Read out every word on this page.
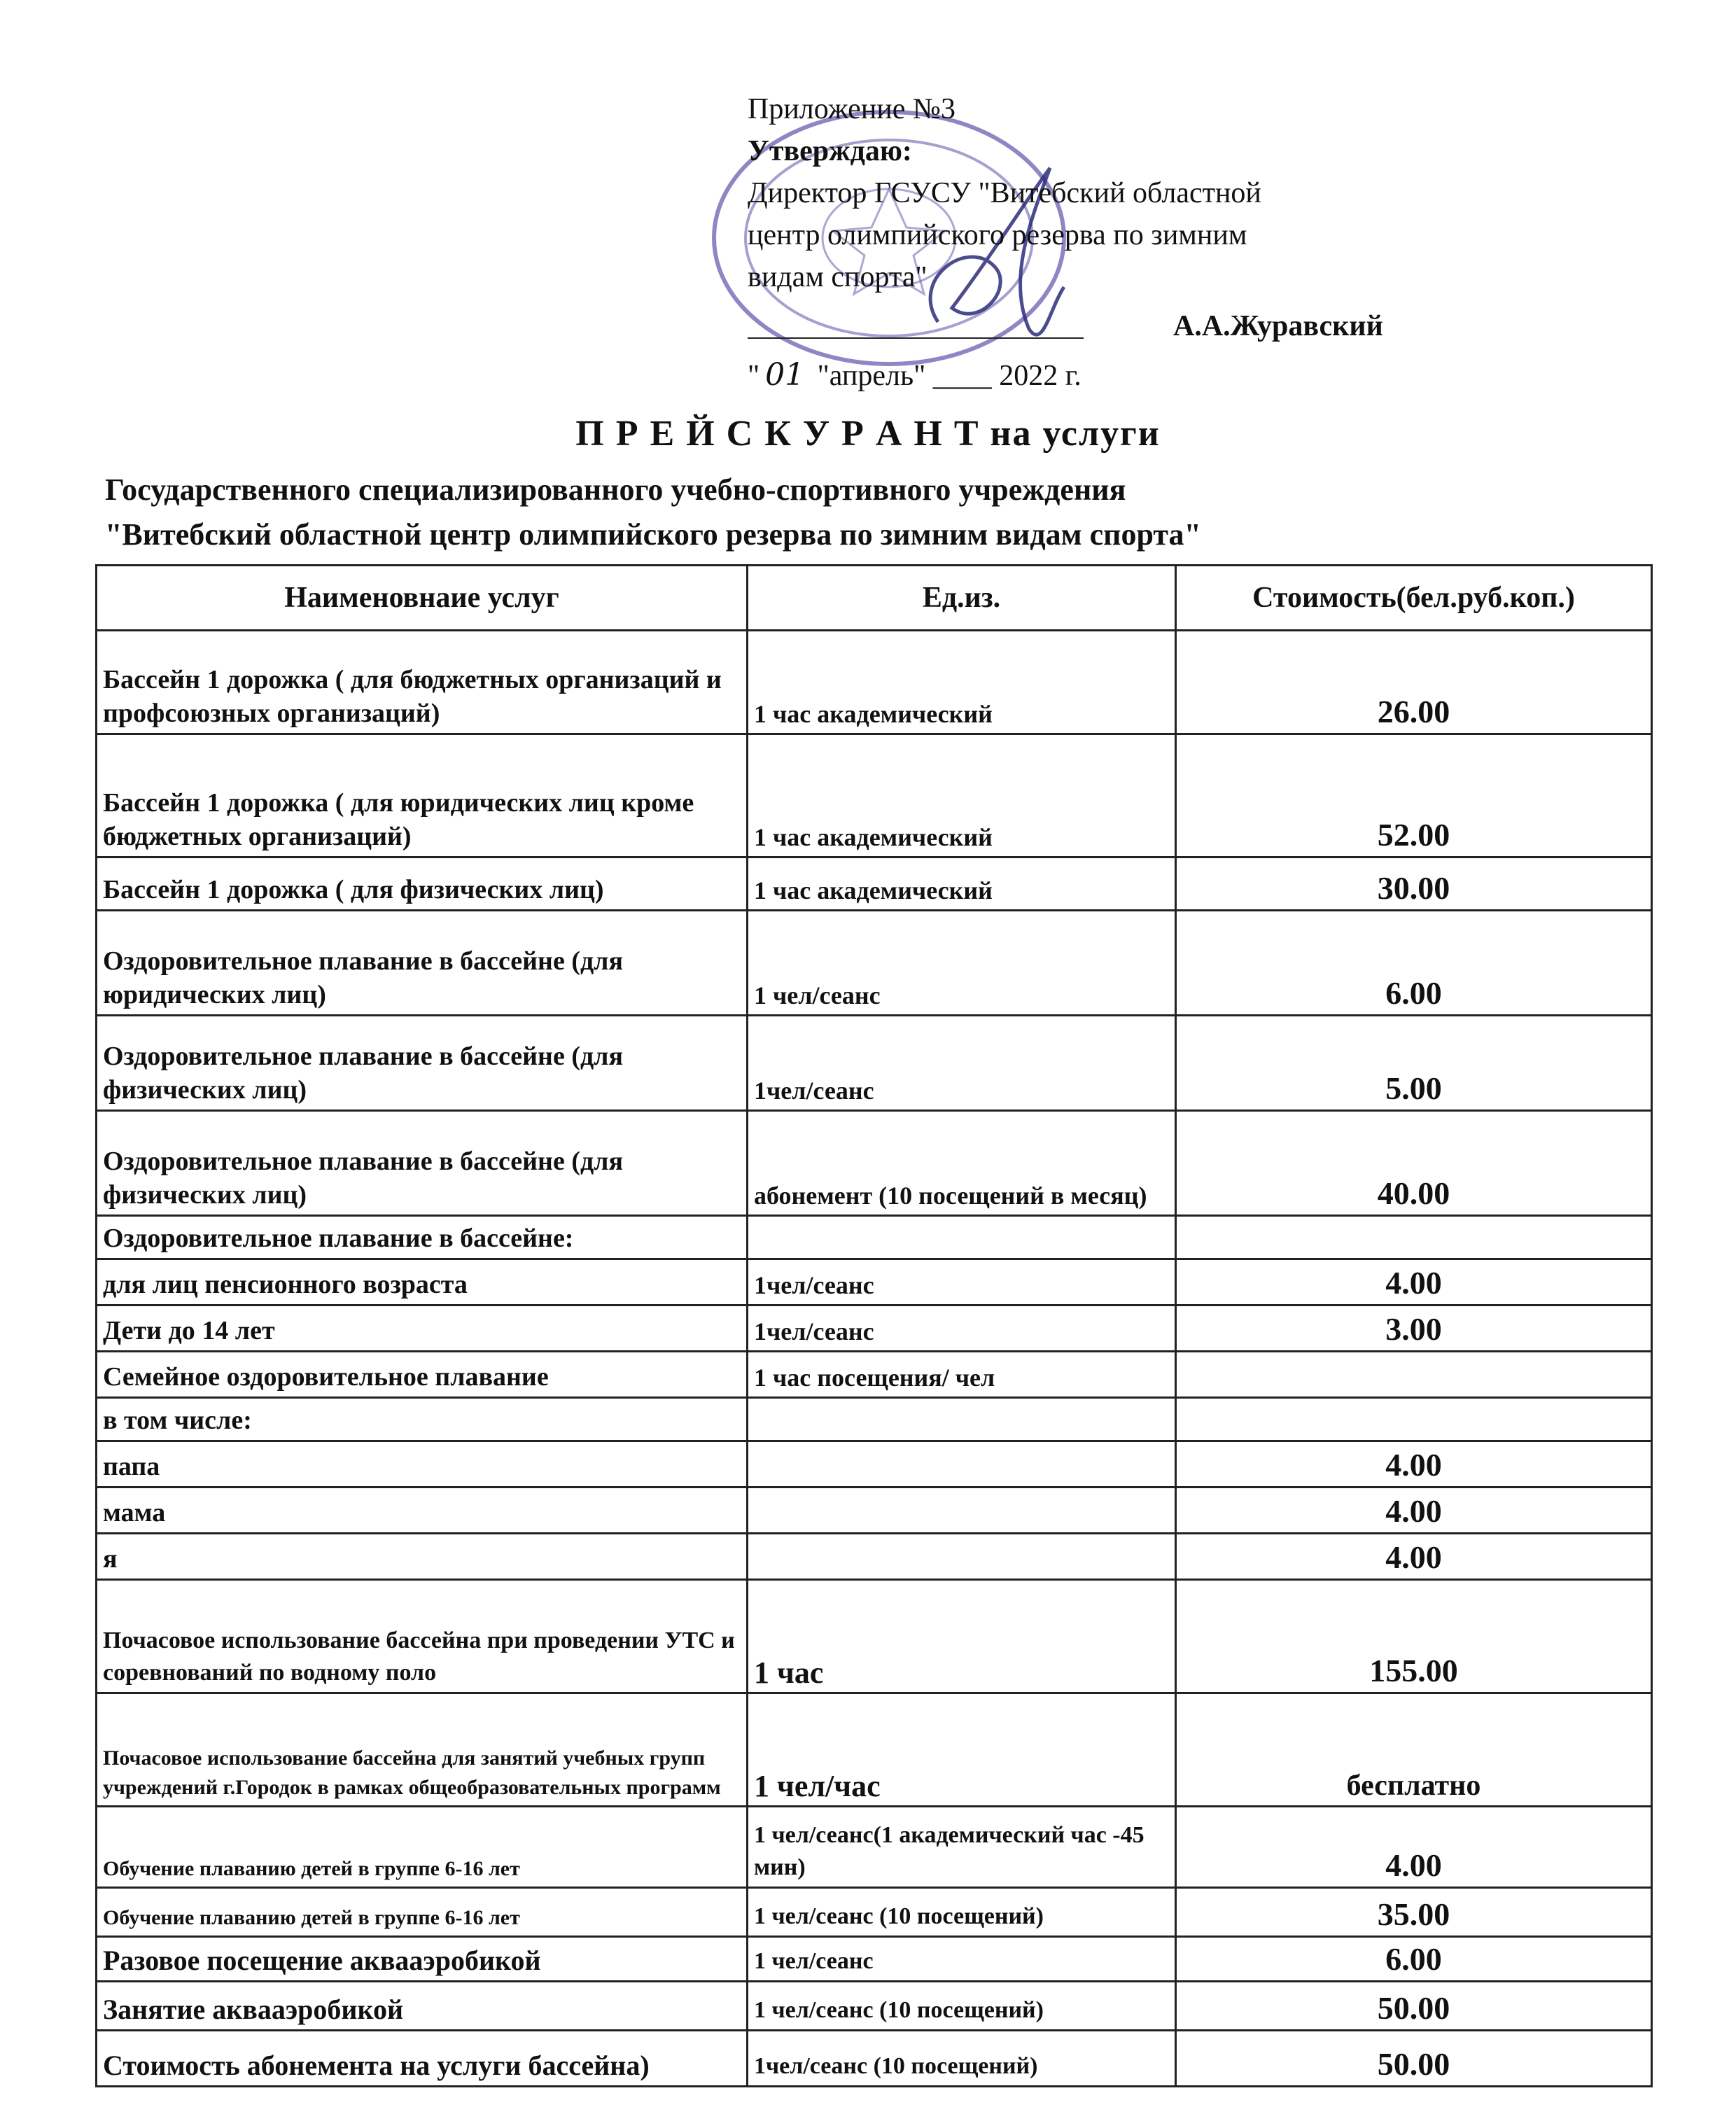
Приложение №3
Утверждаю:
Директор ГСУСУ "Витебский областной
центр олимпийского резерва по зимним
видам спорта"
А.А.Журавский
" 01 "апрель" ____ 2022 г.
П Р Е Й С К У Р А Н Т на услуги
Государственного специализированного учебно-спортивного учреждения
"Витебский областной центр олимпийского резерва по зимним видам спорта"
Наименовнаие услуг	Ед.из.	Стоимость(бел.руб.коп.)
Бассейн 1 дорожка ( для бюджетных организаций и профсоюзных организаций)	1 час академический	26.00
Бассейн 1 дорожка ( для юридических лиц кроме бюджетных организаций)	1 час академический	52.00
Бассейн 1 дорожка ( для физических лиц)	1 час академический	30.00
Оздоровительное плавание в бассейне (для юридических лиц)	1 чел/сеанс	6.00
Оздоровительное плавание в бассейне (для физических лиц)	1чел/сеанс	5.00
Оздоровительное плавание в бассейне (для физических лиц)	абонемент (10 посещений в месяц)	40.00
Оздоровительное плавание в бассейне:		
для лиц пенсионного возраста	1чел/сеанс	4.00
Дети до 14 лет	1чел/сеанс	3.00
Семейное оздоровительное плавание	1 час посещения/ чел	
в том числе:		
папа		4.00
мама		4.00
я		4.00
Почасовое использование бассейна при проведении УТС и соревнований по водному поло	1 час	155.00
Почасовое использование бассейна для занятий учебных групп учреждений г.Городок в рамках общеобразовательных программ	1 чел/час	бесплатно
Обучение плаванию детей в группе 6-16 лет	1 чел/сеанс(1 академический час -45 мин)	4.00
Обучение плаванию детей в группе 6-16 лет	1 чел/сеанс (10 посещений)	35.00
Разовое посещение аквааэробикой	1 чел/сеанс	6.00
Занятие аквааэробикой	1 чел/сеанс (10 посещений)	50.00
Стоимость абонемента на услуги бассейна)	1чел/сеанс (10 посещений)	50.00
